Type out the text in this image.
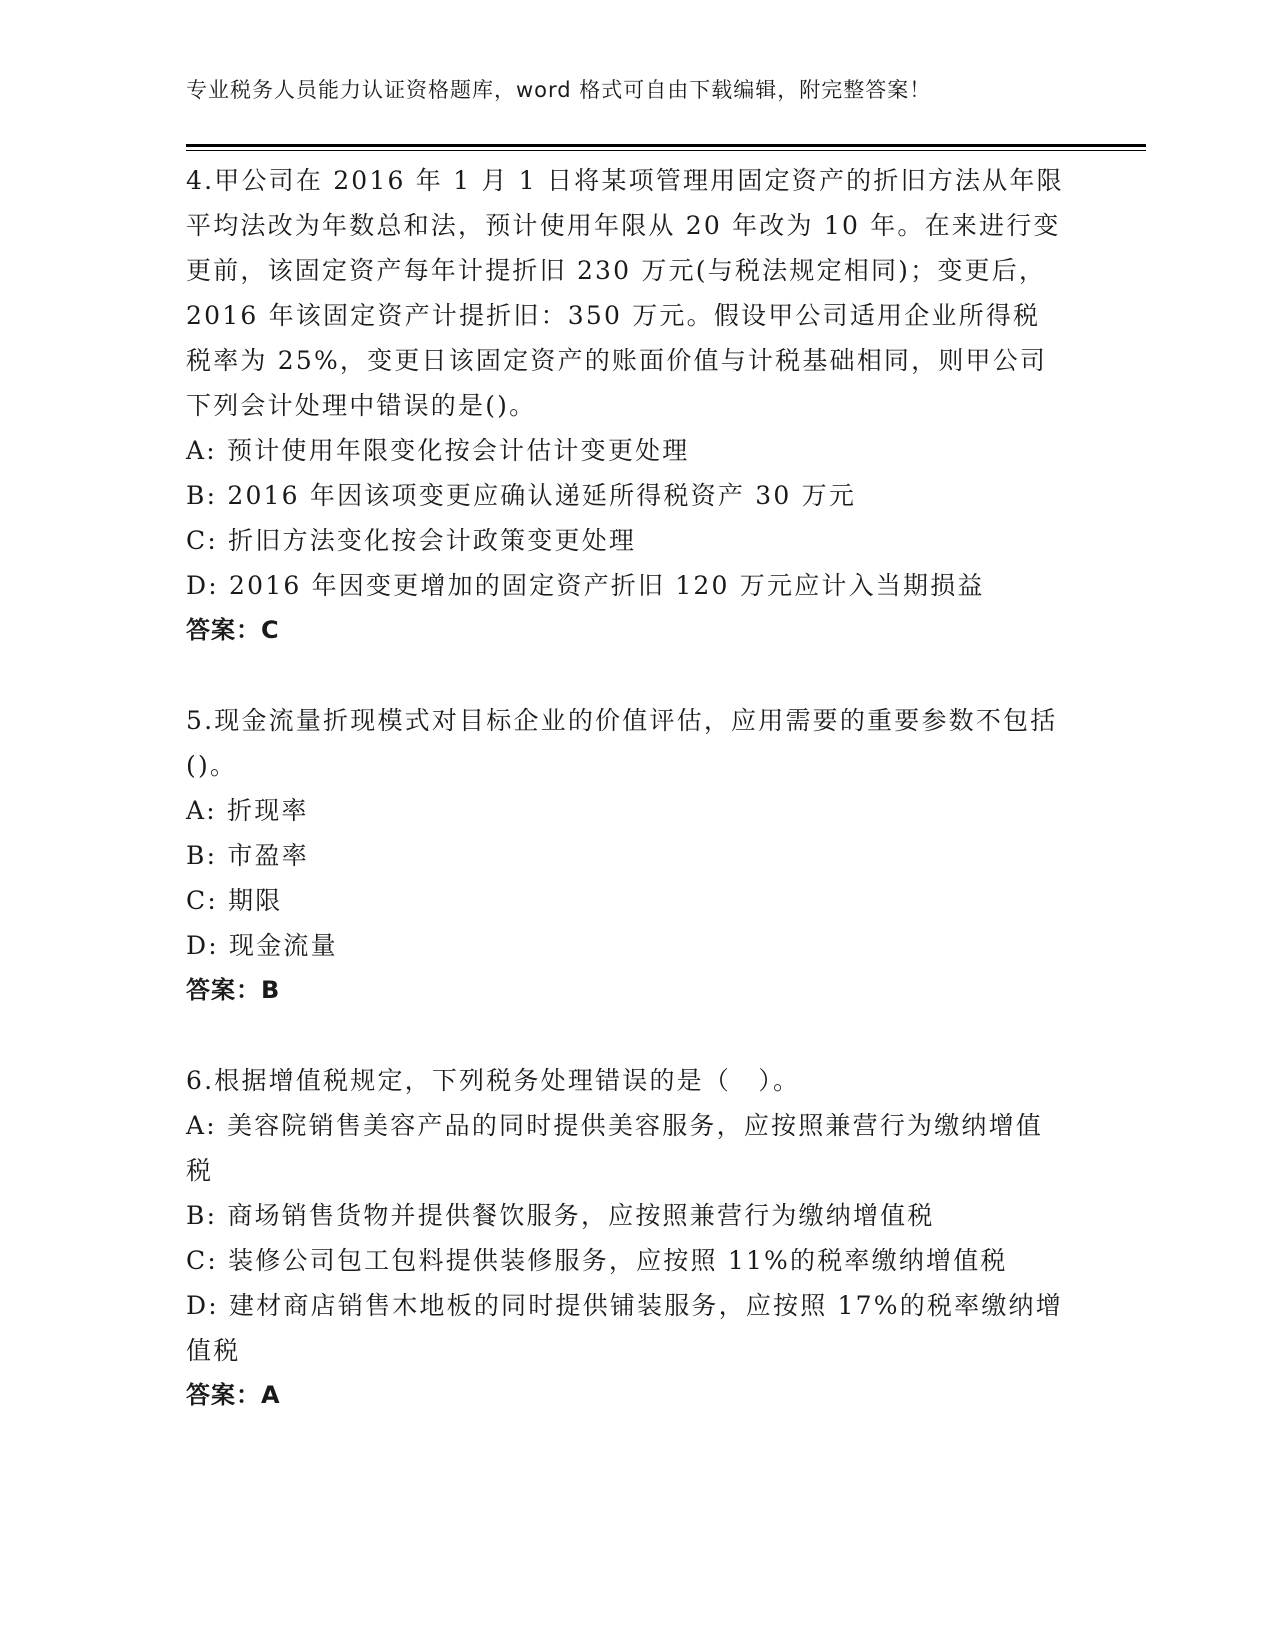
专业税务人员能力认证资格题库，word 格式可自由下载编辑，附完整答案！

4.甲公司在 2016 年 1 月 1 日将某项管理用固定资产的折旧方法从年限平均法改为年数总和法，预计使用年限从 20 年改为 10 年。在来进行变更前，该固定资产每年计提折旧 230 万元(与税法规定相同)；变更后，2016 年该固定资产计提折旧：350 万元。假设甲公司适用企业所得税税率为 25%，变更日该固定资产的账面价值与计税基础相同，则甲公司下列会计处理中错误的是()。

A: 预计使用年限变化按会计估计变更处理

B: 2016 年因该项变更应确认递延所得税资产 30 万元

C: 折旧方法变化按会计政策变更处理

D: 2016 年因变更增加的固定资产折旧 120 万元应计入当期损益

答案：C

5.现金流量折现模式对目标企业的价值评估，应用需要的重要参数不包括()。

A: 折现率

B: 市盈率

C: 期限

D: 现金流量

答案：B

6.根据增值税规定，下列税务处理错误的是（　）。

A: 美容院销售美容产品的同时提供美容服务，应按照兼营行为缴纳增值税

B: 商场销售货物并提供餐饮服务，应按照兼营行为缴纳增值税

C: 装修公司包工包料提供装修服务，应按照 11%的税率缴纳增值税

D: 建材商店销售木地板的同时提供铺装服务，应按照 17%的税率缴纳增值税

答案：A
